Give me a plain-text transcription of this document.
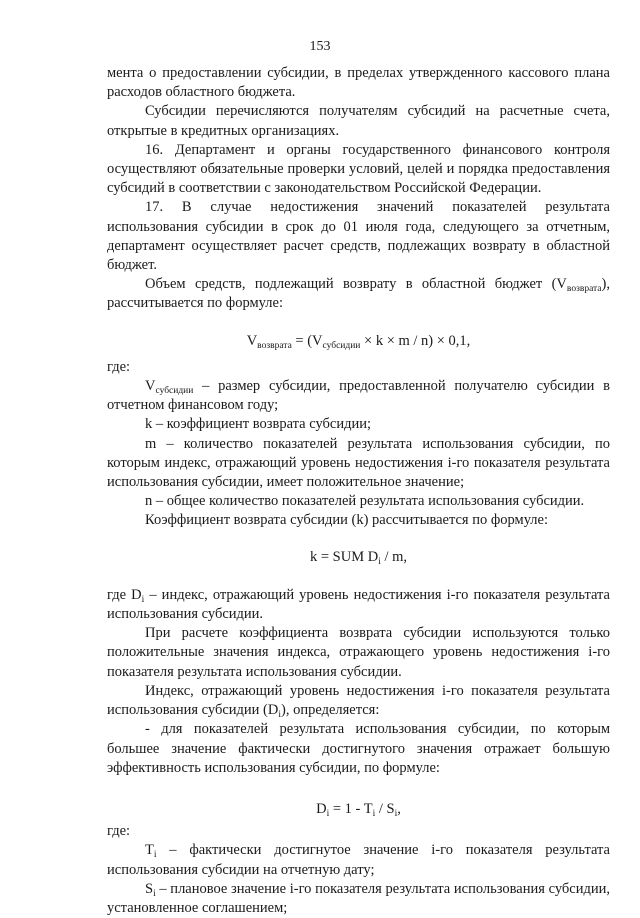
153

мента о предоставлении субсидии, в пределах утвержденного кассового плана расходов областного бюджета.

Субсидии перечисляются получателям субсидий на расчетные счета, открытые в кредитных организациях.

16. Департамент и органы государственного финансового контроля осуществляют обязательные проверки условий, целей и порядка предоставления субсидий в соответствии с законодательством Российской Федерации.

17. В случае недостижения значений показателей результата использования субсидии в срок до 01 июля года, следующего за отчетным, департамент осуществляет расчет средств, подлежащих возврату в областной бюджет.

Объем средств, подлежащий возврату в областной бюджет $(V_{возврата})$, рассчитывается по формуле:

$V_{возврата} = (V_{субсидии} \times k \times m / n) \times 0,1$,

где:

$V_{субсидии}$ – размер субсидии, предоставленной получателю субсидии в отчетном финансовом году;

k – коэффициент возврата субсидии;

m – количество показателей результата использования субсидии, по которым индекс, отражающий уровень недостижения i-го показателя результата использования субсидии, имеет положительное значение;

n – общее количество показателей результата использования субсидии.

Коэффициент возврата субсидии (k) рассчитывается по формуле:

k = SUM $D_i$ / m,

где $D_i$ – индекс, отражающий уровень недостижения i-го показателя результата использования субсидии.

При расчете коэффициента возврата субсидии используются только положительные значения индекса, отражающего уровень недостижения i-го показателя результата использования субсидии.

Индекс, отражающий уровень недостижения i-го показателя результата использования субсидии $(D_i)$, определяется:

- для показателей результата использования субсидии, по которым большее значение фактически достигнутого значения отражает большую эффективность использования субсидии, по формуле:

$D_i = 1 - T_i / S_i$,

где:

$T_i$ – фактически достигнутое значение i-го показателя результата использования субсидии на отчетную дату;

$S_i$ – плановое значение i-го показателя результата использования субсидии, установленное соглашением;
